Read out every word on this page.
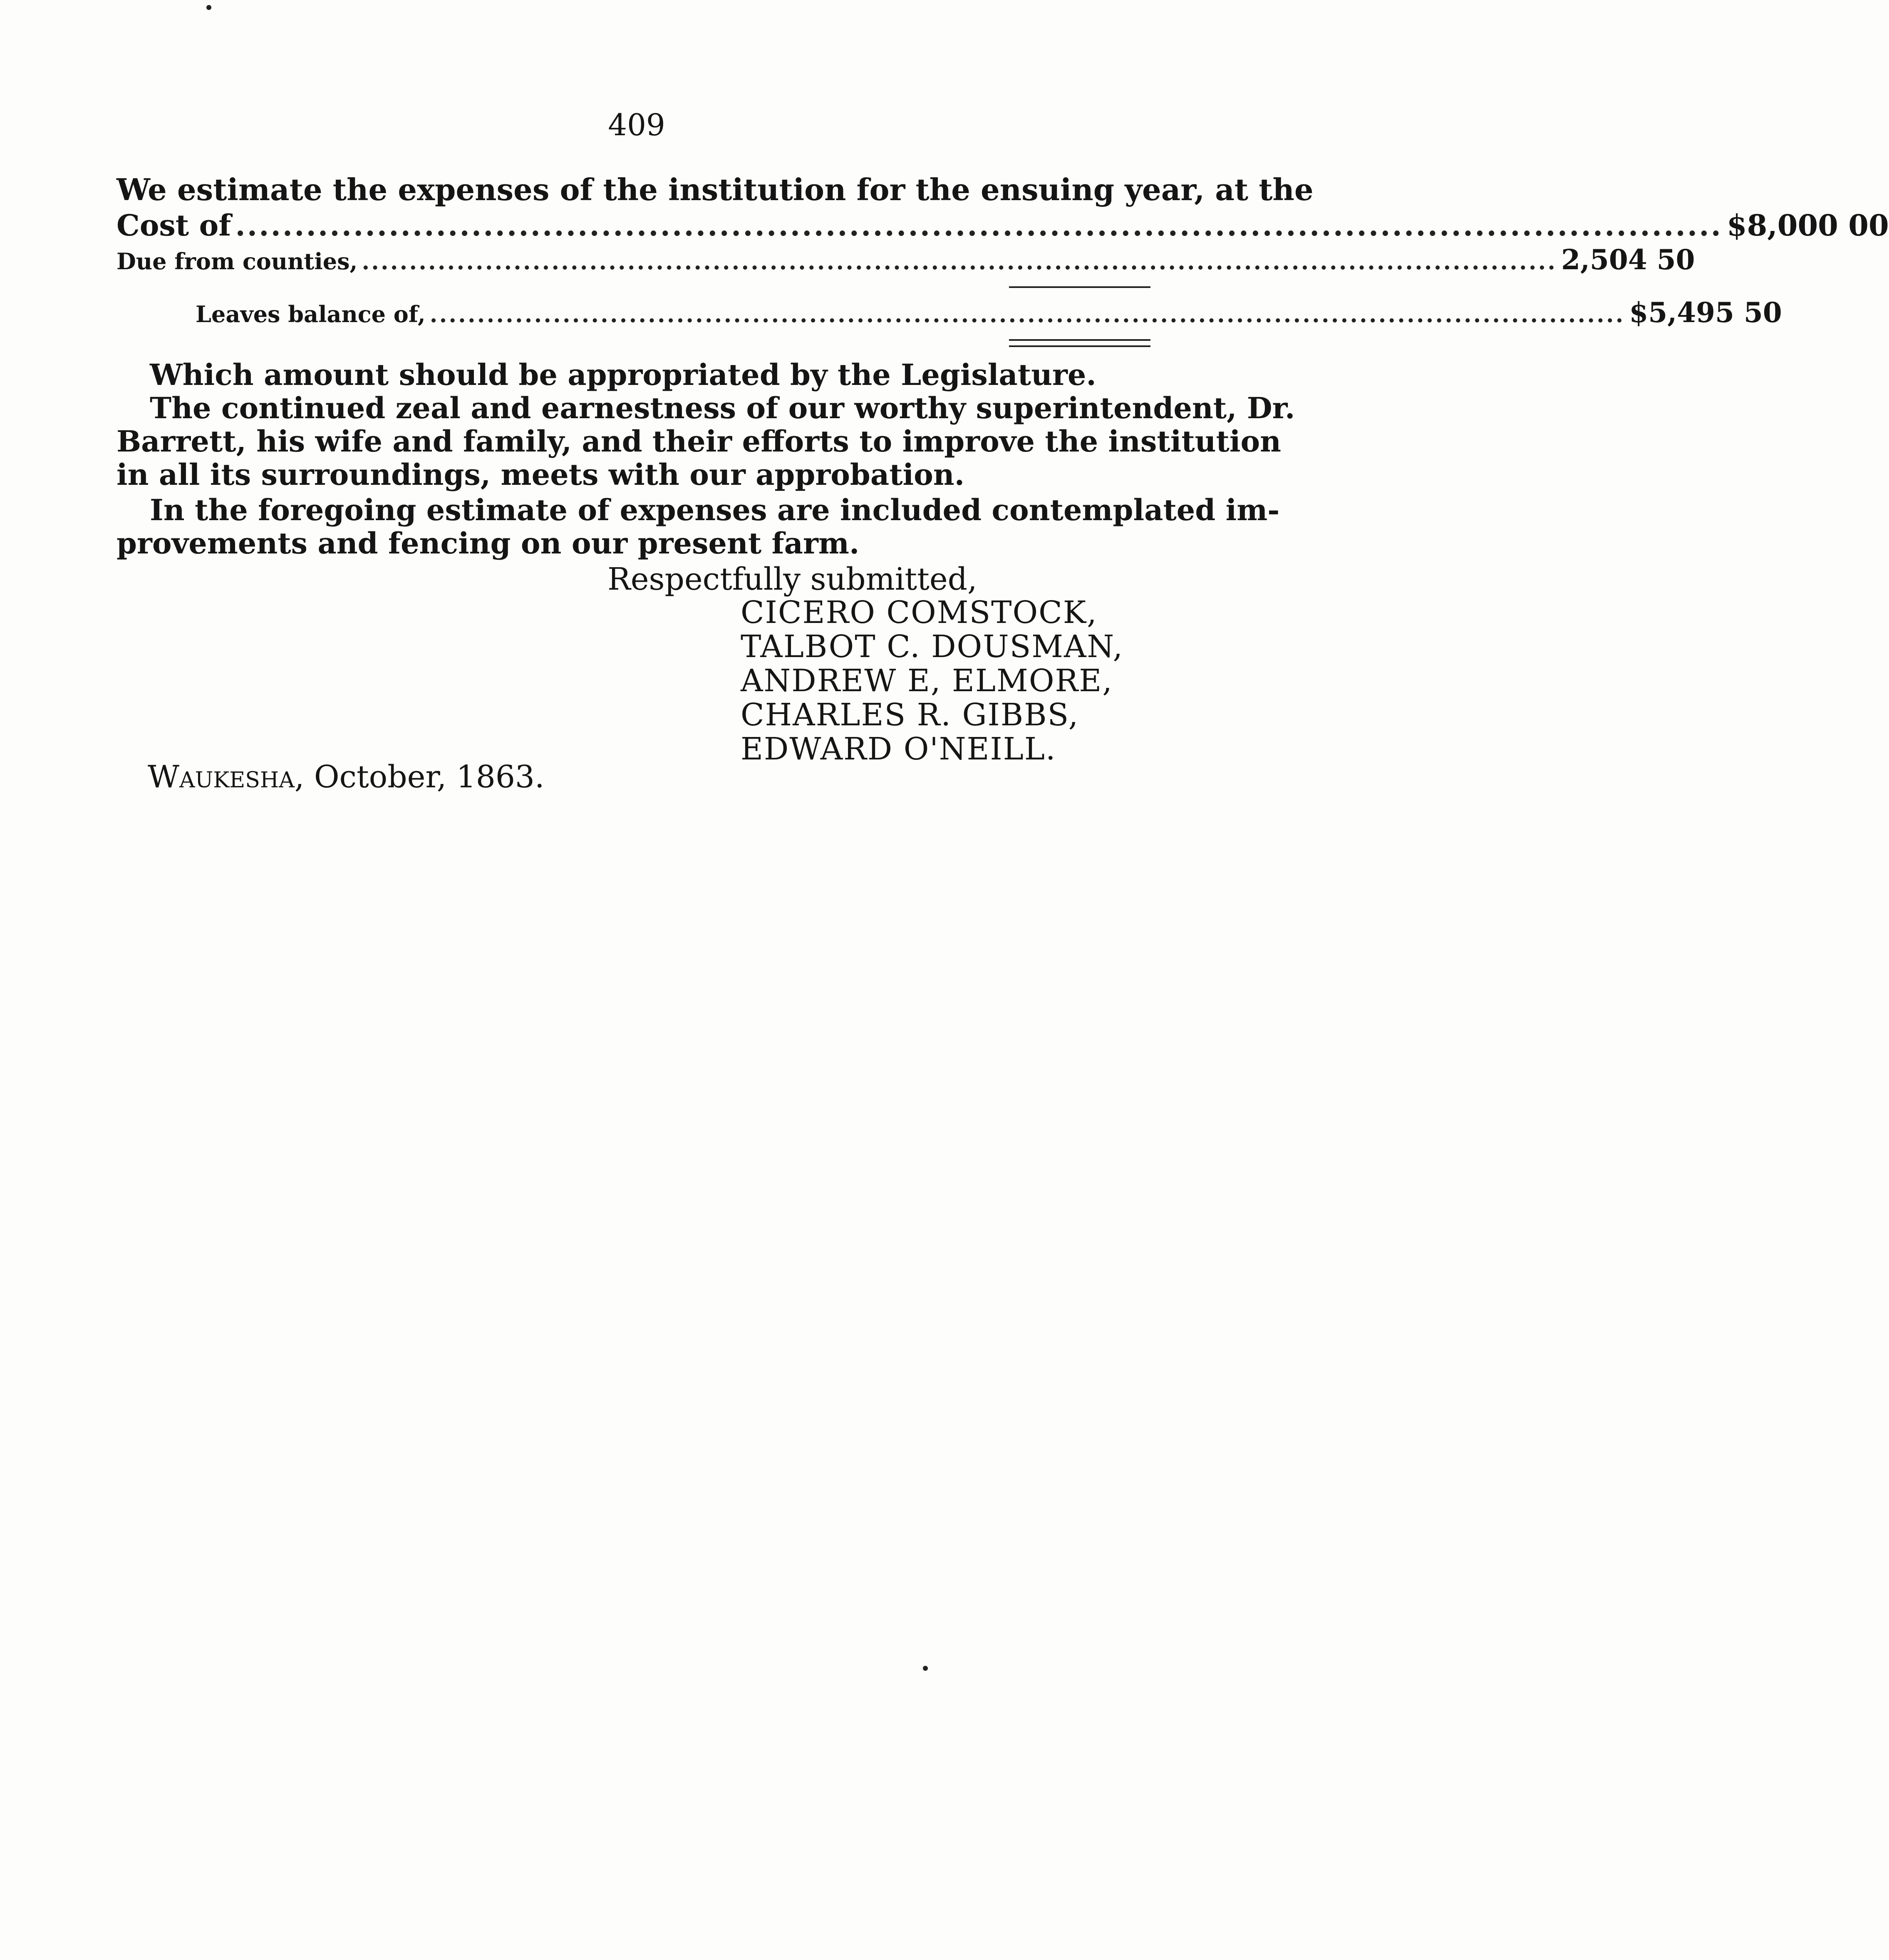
409
We estimate the expenses of the institution for the ensuing year, at the
Cost of .............................................................................................................................. $8,000 00
Due from counties, .............................................................................................................................. 2,504 50
Leaves balance of, .............................................................................................................................. $5,495 50
Which amount should be appropriated by the Legislature.
The continued zeal and earnestness of our worthy superintendent, Dr.
Barrett, his wife and family, and their efforts to improve the institution
in all its surroundings, meets with our approbation.
In the foregoing estimate of expenses are included contemplated im-
provements and fencing on our present farm.
Respectfully submitted,
CICERO COMSTOCK,
TALBOT C. DOUSMAN,
ANDREW E, ELMORE,
CHARLES R. GIBBS,
EDWARD O'NEILL.
Waukesha, October, 1863.
